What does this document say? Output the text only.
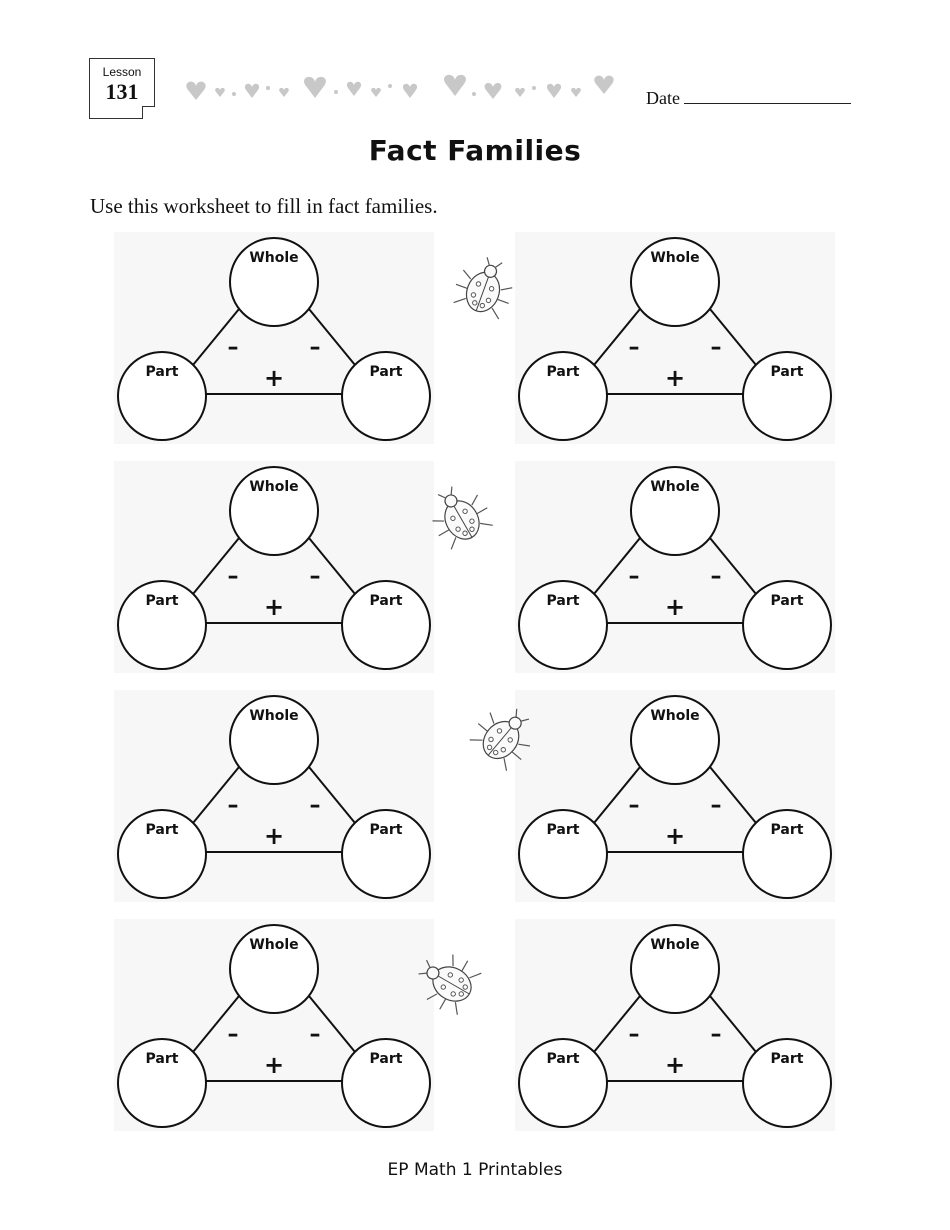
Lesson
131	Date
Fact Families
Use this worksheet to fill in fact families.
Whole
Part	Part
–	–
+
Whole
Part	Part
–	–
+
Whole
Part	Part
–	–
+
Whole
Part	Part
–	–
+
Whole
Part	Part
–	–
+
Whole
Part	Part
–	–
+
Whole
Part	Part
–	–
+
Whole
Part	Part
–	–
+
EP Math 1 Printables
